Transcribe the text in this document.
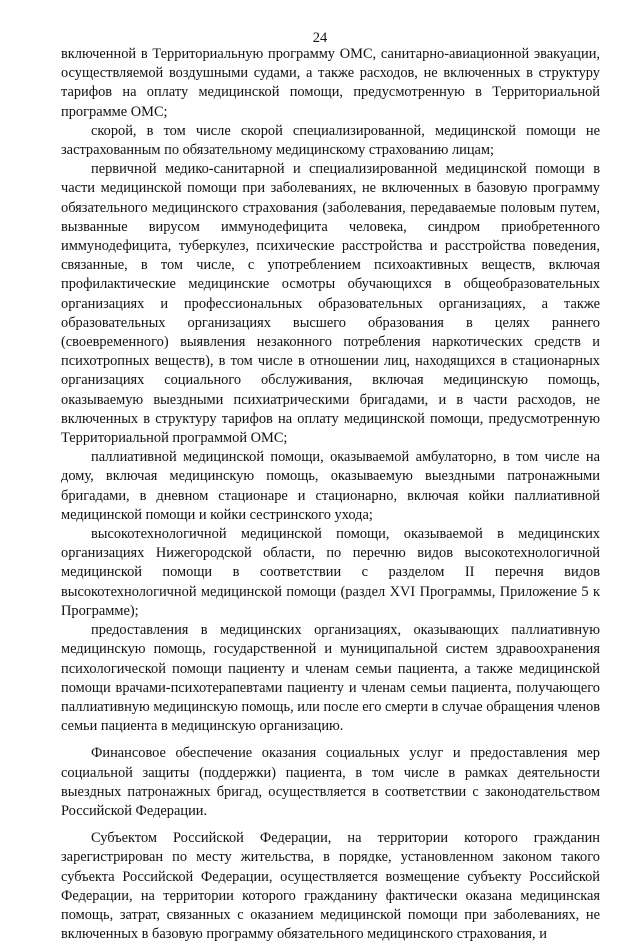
24

включенной в Территориальную программу ОМС, санитарно-авиационной эвакуации, осуществляемой воздушными судами, а также расходов, не включенных в структуру тарифов на оплату медицинской помощи, предусмотренную в Территориальной программе ОМС;

скорой, в том числе скорой специализированной, медицинской помощи не застрахованным по обязательному медицинскому страхованию лицам;

первичной медико-санитарной и специализированной медицинской помощи в части медицинской помощи при заболеваниях, не включенных в базовую программу обязательного медицинского страхования (заболевания, передаваемые половым путем, вызванные вирусом иммунодефицита человека, синдром приобретенного иммунодефицита, туберкулез, психические расстройства и расстройства поведения, связанные, в том числе, с употреблением психоактивных веществ, включая профилактические медицинские осмотры обучающихся в общеобразовательных организациях и профессиональных образовательных организациях, а также образовательных организациях высшего образования в целях раннего (своевременного) выявления незаконного потребления наркотических средств и психотропных веществ), в том числе в отношении лиц, находящихся в стационарных организациях социального обслуживания, включая медицинскую помощь, оказываемую выездными психиатрическими бригадами, и в части расходов, не включенных в структуру тарифов на оплату медицинской помощи, предусмотренную Территориальной программой ОМС;

паллиативной медицинской помощи, оказываемой амбулаторно, в том числе на дому, включая медицинскую помощь, оказываемую выездными патронажными бригадами, в дневном стационаре и стационарно, включая койки паллиативной медицинской помощи и койки сестринского ухода;

высокотехнологичной медицинской помощи, оказываемой в медицинских организациях Нижегородской области, по перечню видов высокотехнологичной медицинской помощи в соответствии с разделом II перечня видов высокотехнологичной медицинской помощи (раздел XVI Программы, Приложение 5 к Программе);

предоставления в медицинских организациях, оказывающих паллиативную медицинскую помощь, государственной и муниципальной систем здравоохранения психологической помощи пациенту и членам семьи пациента, а также медицинской помощи врачами-психотерапевтами пациенту и членам семьи пациента, получающего паллиативную медицинскую помощь, или после его смерти в случае обращения членов семьи пациента в медицинскую организацию.

Финансовое обеспечение оказания социальных услуг и предоставления мер социальной защиты (поддержки) пациента, в том числе в рамках деятельности выездных патронажных бригад, осуществляется в соответствии с законодательством Российской Федерации.

Субъектом Российской Федерации, на территории которого гражданин зарегистрирован по месту жительства, в порядке, установленном законом такого субъекта Российской Федерации, осуществляется возмещение субъекту Российской Федерации, на территории которого гражданину фактически оказана медицинская помощь, затрат, связанных с оказанием медицинской помощи при заболеваниях, не включенных в базовую программу обязательного медицинского страхования, и
